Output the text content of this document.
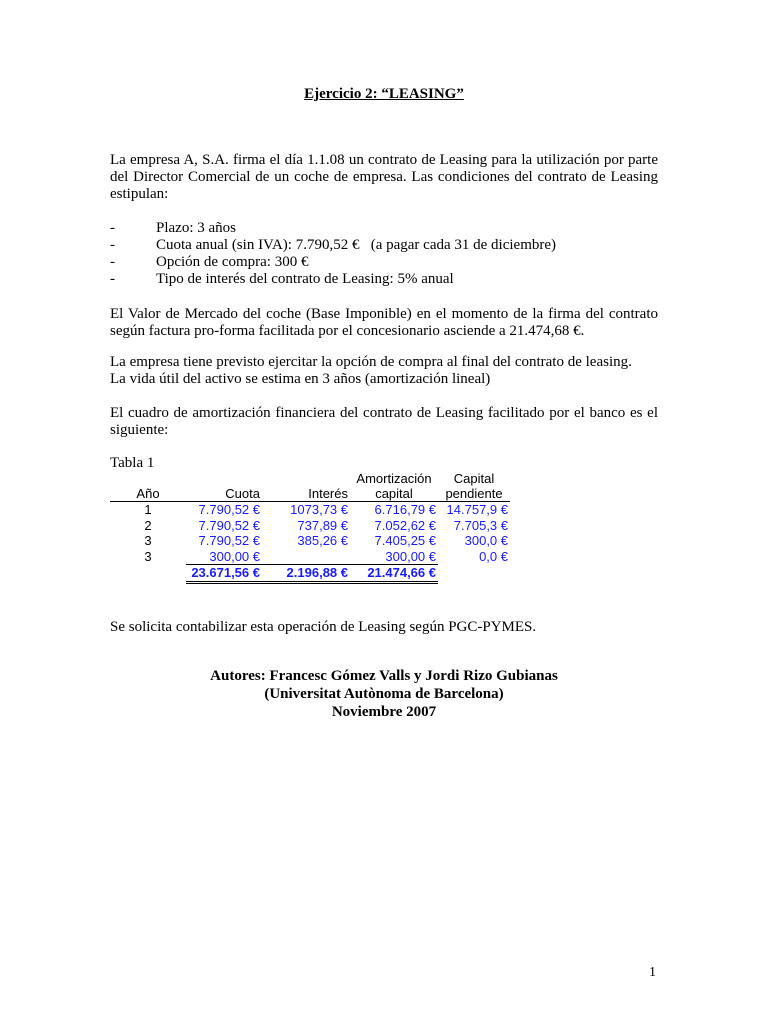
Ejercicio 2: “LEASING”

La empresa A, S.A. firma el día 1.1.08 un contrato de Leasing para la utilización por parte del Director Comercial de un coche de empresa. Las condiciones del contrato de Leasing estipulan:

-	Plazo: 3 años
-	Cuota anual (sin IVA): 7.790,52 €   (a pagar cada 31 de diciembre)
-	Opción de compra: 300 €
-	Tipo de interés del contrato de Leasing: 5% anual

El Valor de Mercado del coche (Base Imponible) en el momento de la firma del contrato según factura pro-forma facilitada por el concesionario asciende a 21.474,68 €.

La empresa tiene previsto ejercitar la opción de compra al final del contrato de leasing.
La vida útil del activo se estima en 3 años (amortización lineal)

El cuadro de amortización financiera del contrato de Leasing facilitado por el banco es el siguiente:

Tabla 1
			Amortización	Capital
Año	Cuota	Interés	capital	pendiente
1	7.790,52 €	1073,73 €	6.716,79 €	14.757,9 €
2	7.790,52 €	737,89 €	7.052,62 €	7.705,3 €
3	7.790,52 €	385,26 €	7.405,25 €	300,0 €
3	300,00 €		300,00 €	0,0 €
	23.671,56 €	2.196,88 €	21.474,66 €	

Se solicita contabilizar esta operación de Leasing según PGC-PYMES.

Autores: Francesc Gómez Valls y Jordi Rizo Gubianas
(Universitat Autònoma de Barcelona)
Noviembre 2007
1
